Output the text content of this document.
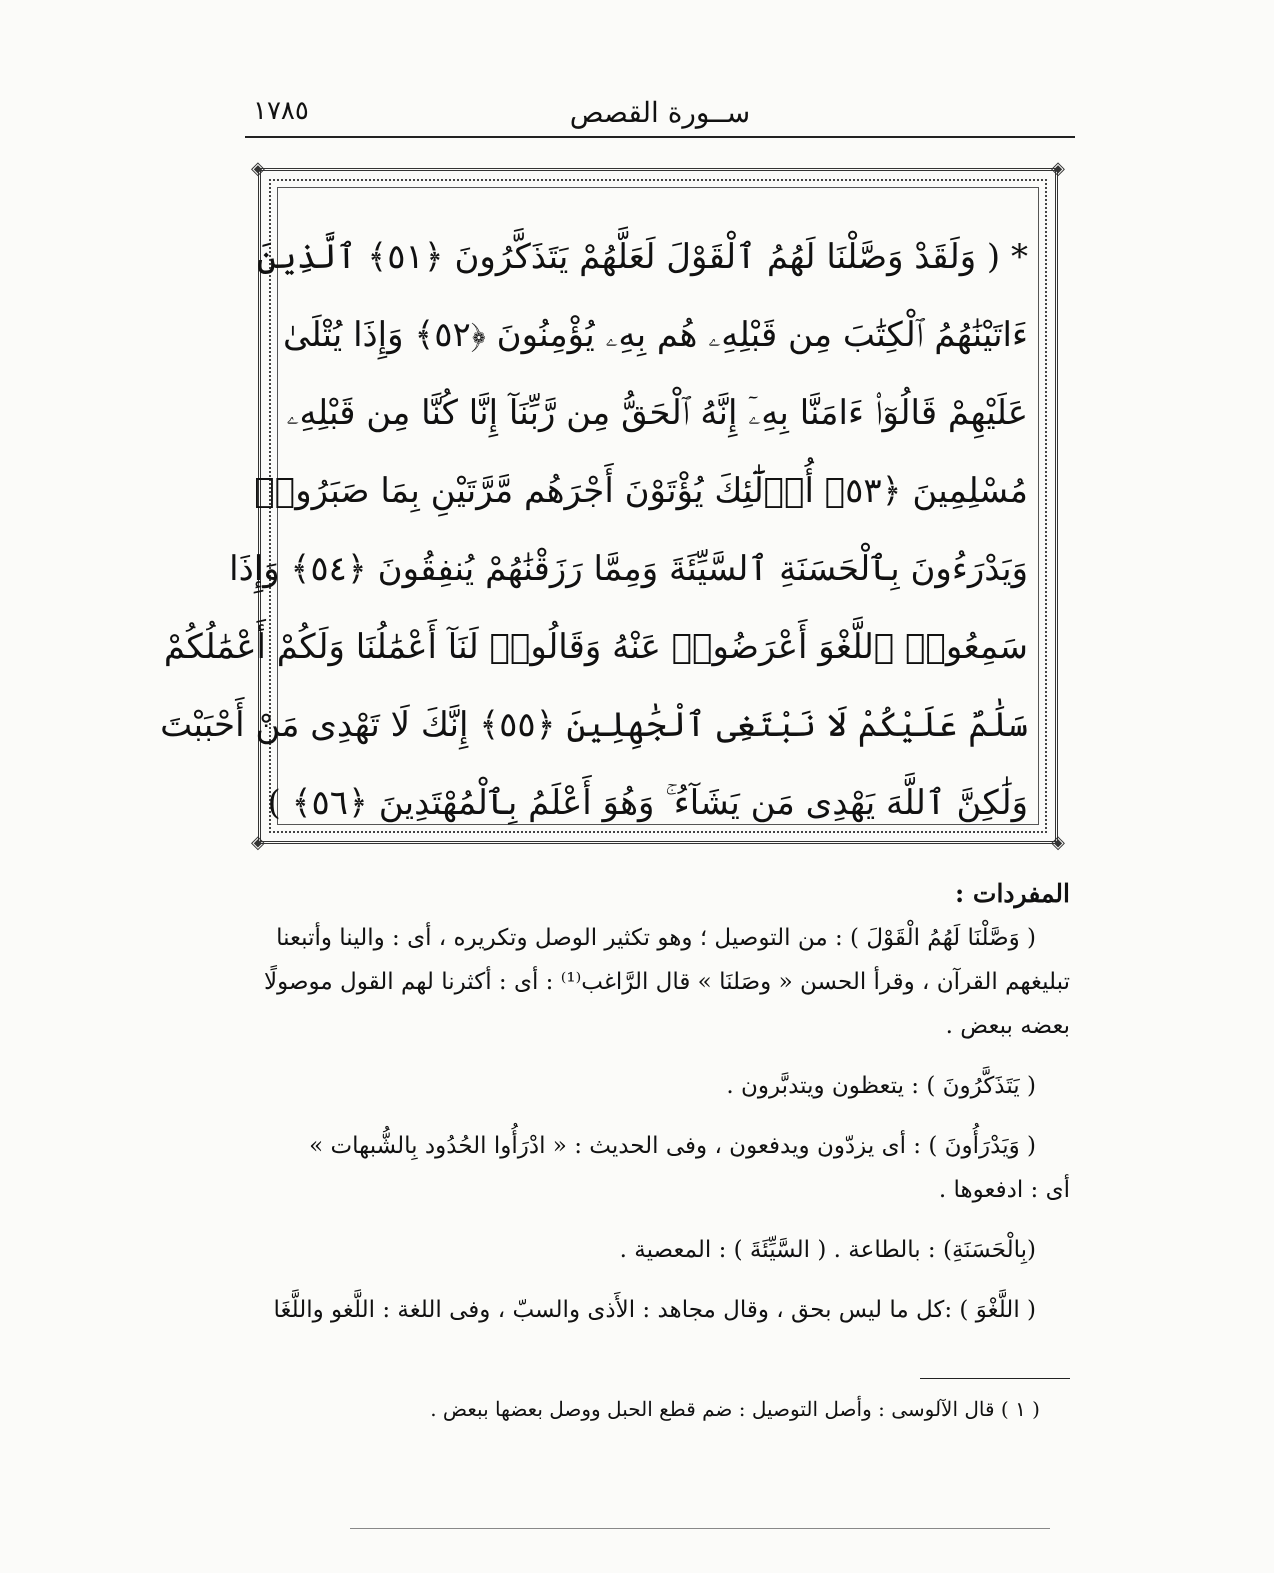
ســورة القصص
١٧٨٥
◈	◈
◈	◈
* ( وَلَقَدْ وَصَّلْنَا لَهُمُ ٱلْقَوْلَ لَعَلَّهُمْ يَتَذَكَّرُونَ ﴿٥١﴾ ٱلَّذِينَ
ءَاتَيْنَٰهُمُ ٱلْكِتَٰبَ مِن قَبْلِهِۦ هُم بِهِۦ يُؤْمِنُونَ ﴿٥٢﴾ وَإِذَا يُتْلَىٰ
عَلَيْهِمْ قَالُوٓا۟ ءَامَنَّا بِهِۦٓ إِنَّهُ ٱلْحَقُّ مِن رَّبِّنَآ إِنَّا كُنَّا مِن قَبْلِهِۦ
مُسْلِمِينَ ﴿٥٣﴾ أُو۟لَٰٓئِكَ يُؤْتَوْنَ أَجْرَهُم مَّرَّتَيْنِ بِمَا صَبَرُوا۟
وَيَدْرَءُونَ بِٱلْحَسَنَةِ ٱلسَّيِّئَةَ وَمِمَّا رَزَقْنَٰهُمْ يُنفِقُونَ ﴿٥٤﴾ وَإِذَا
سَمِعُوا۟ ٱللَّغْوَ أَعْرَضُوا۟ عَنْهُ وَقَالُوا۟ لَنَآ أَعْمَٰلُنَا وَلَكُمْ أَعْمَٰلُكُمْ
سَلَٰمٌ عَلَيْكُمْ لَا نَبْتَغِى ٱلْجَٰهِلِينَ ﴿٥٥﴾ إِنَّكَ لَا تَهْدِى مَنْ أَحْبَبْتَ
وَلَٰكِنَّ ٱللَّهَ يَهْدِى مَن يَشَآءُ ۚ وَهُوَ أَعْلَمُ بِٱلْمُهْتَدِينَ ﴿٥٦﴾ )
المفردات :
( وَصَّلْنَا لَهُمُ الْقَوْلَ ) : من التوصيل ؛ وهو تكثير الوصل وتكريره ، أى : والينا وأتبعنا
تبليغهم القرآن ، وقرأ الحسن « وصَلنَا » قال الرَّاغب⁽¹⁾ : أى : أكثرنا لهم القول موصولًا
بعضه ببعض .
( يَتَذَكَّرُونَ ) : يتعظون ويتدبَّرون .
( وَيَدْرَأُونَ ) : أى يزدّون ويدفعون ، وفى الحديث : « ادْرَأُوا الحُدُود بِالشُّبهات »
أى : ادفعوها .
(بِالْحَسَنَةِ) : بالطاعة . ( السَّيِّئَةَ ) : المعصية .
( اللَّغْوَ ) :كل ما ليس بحق ، وقال مجاهد : الأَذى والسبّ ، وفى اللغة : اللَّغو واللَّغَا
( ١ ) قال الآلوسى : وأصل التوصيل : ضم قطع الحبل ووصل بعضها ببعض .
